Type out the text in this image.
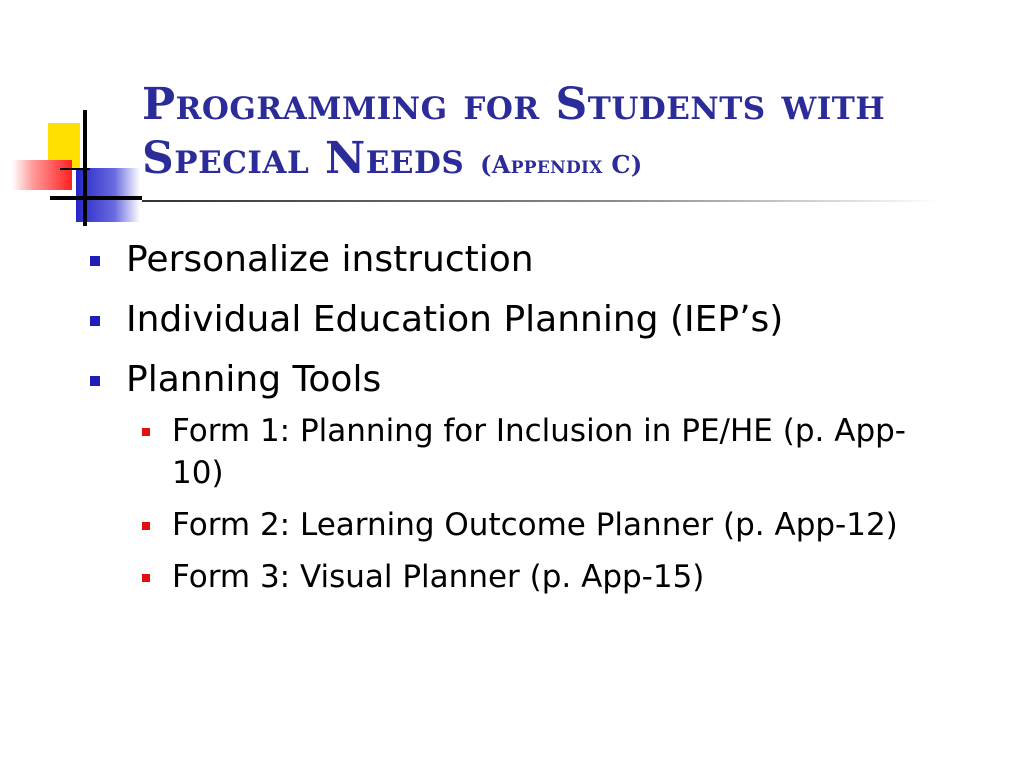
Programming for Students with Special Needs (Appendix C)
Personalize instruction
Individual Education Planning (IEP’s)
Planning Tools
Form 1: Planning for Inclusion in PE/HE (p. App-10)
Form 2: Learning Outcome Planner (p. App-12)
Form 3: Visual Planner (p. App-15)
